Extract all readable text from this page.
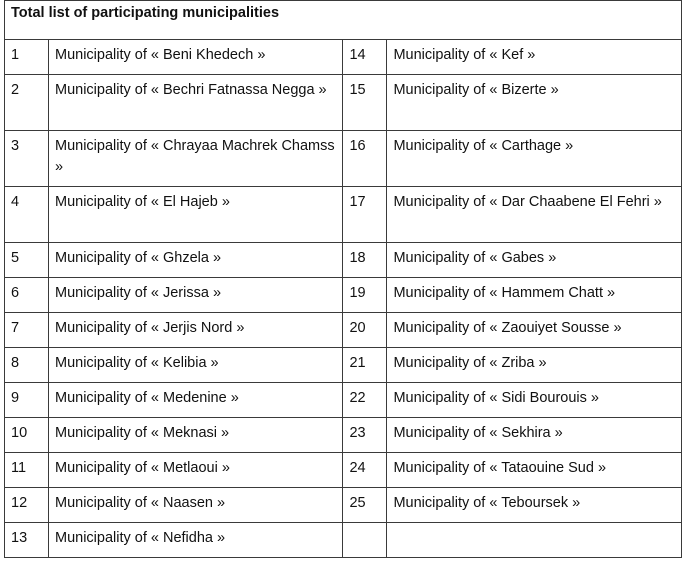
Total list of participating municipalities			
1	Municipality of « Beni Khedech »	14	Municipality of « Kef »
2	Municipality of « Bechri Fatnassa Negga »	15	Municipality of « Bizerte »
3	Municipality of « Chrayaa Machrek Chamss »	16	Municipality of « Carthage »
4	Municipality of « El Hajeb »	17	Municipality of « Dar Chaabene El Fehri »
5	Municipality of « Ghzela »	18	Municipality of « Gabes »
6	Municipality of « Jerissa »	19	Municipality of « Hammem Chatt »
7	Municipality of « Jerjis Nord »	20	Municipality of « Zaouiyet Sousse »
8	Municipality of « Kelibia »	21	Municipality of « Zriba »
9	Municipality of « Medenine »	22	Municipality of « Sidi Bourouis »
10	Municipality of « Meknasi »	23	Municipality of « Sekhira »
11	Municipality of « Metlaoui »	24	Municipality of « Tataouine Sud »
12	Municipality of « Naasen »	25	Municipality of « Teboursek »
13	Municipality of « Nefidha »		
